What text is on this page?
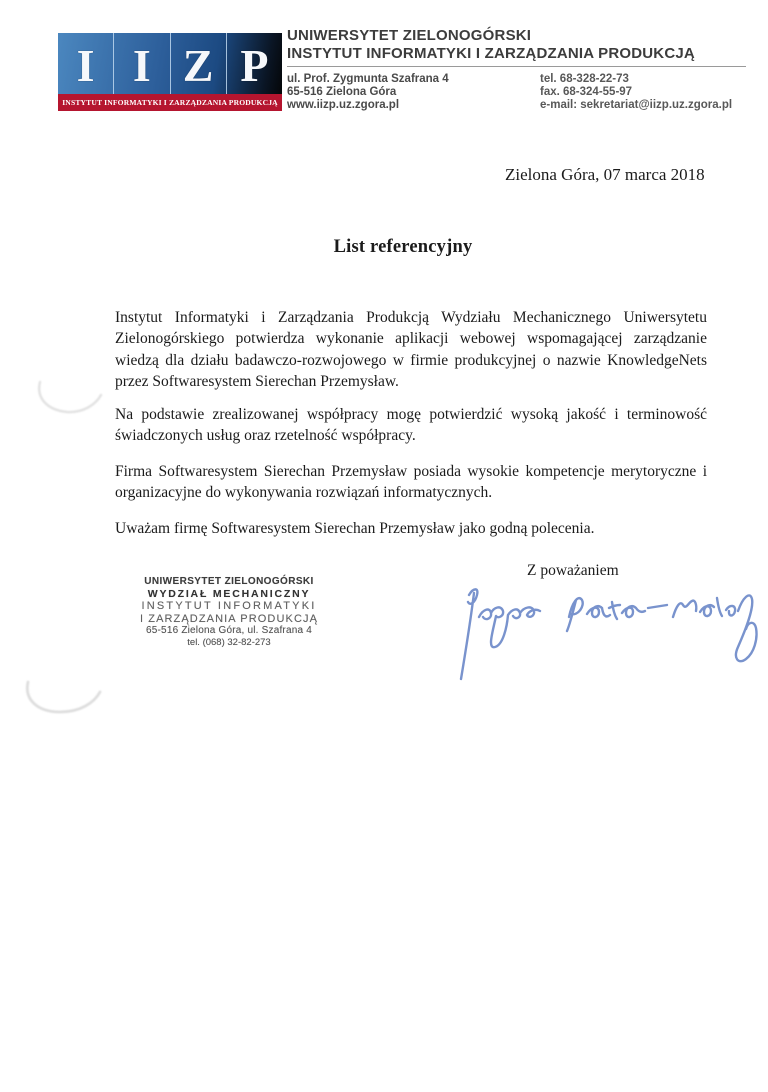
I I Z P
INSTYTUT INFORMATYKI I ZARZĄDZANIA PRODUKCJĄ
UNIWERSYTET ZIELONOGÓRSKI
INSTYTUT INFORMATYKI I ZARZĄDZANIA PRODUKCJĄ
ul. Prof. Zygmunta Szafrana 4
65-516 Zielona Góra
www.iizp.uz.zgora.pl
tel. 68-328-22-73
fax. 68-324-55-97
e-mail: sekretariat@iizp.uz.zgora.pl
Zielona Góra, 07 marca 2018
List referencyjny

Instytut Informatyki i Zarządzania Produkcją Wydziału Mechanicznego Uniwersytetu Zielonogórskiego potwierdza wykonanie aplikacji webowej wspomagającej zarządzanie wiedzą dla działu badawczo-rozwojowego w firmie produkcyjnej o nazwie KnowledgeNets przez Softwaresystem Sierechan Przemysław.

Na podstawie zrealizowanej współpracy mogę potwierdzić wysoką jakość i terminowość świadczonych usług oraz rzetelność współpracy.

Firma Softwaresystem Sierechan Przemysław posiada wysokie kompetencje merytoryczne i organizacyjne do wykonywania rozwiązań informatycznych.

Uważam firmę Softwaresystem Sierechan Przemysław jako godną polecenia.

Z poważaniem
UNIWERSYTET ZIELONOGÓRSKI
WYDZIAŁ MECHANICZNY
INSTYTUT INFORMATYKI
I ZARZĄDZANIA PRODUKCJĄ
65-516 Zielona Góra, ul. Szafrana 4
tel. (068) 32-82-273
